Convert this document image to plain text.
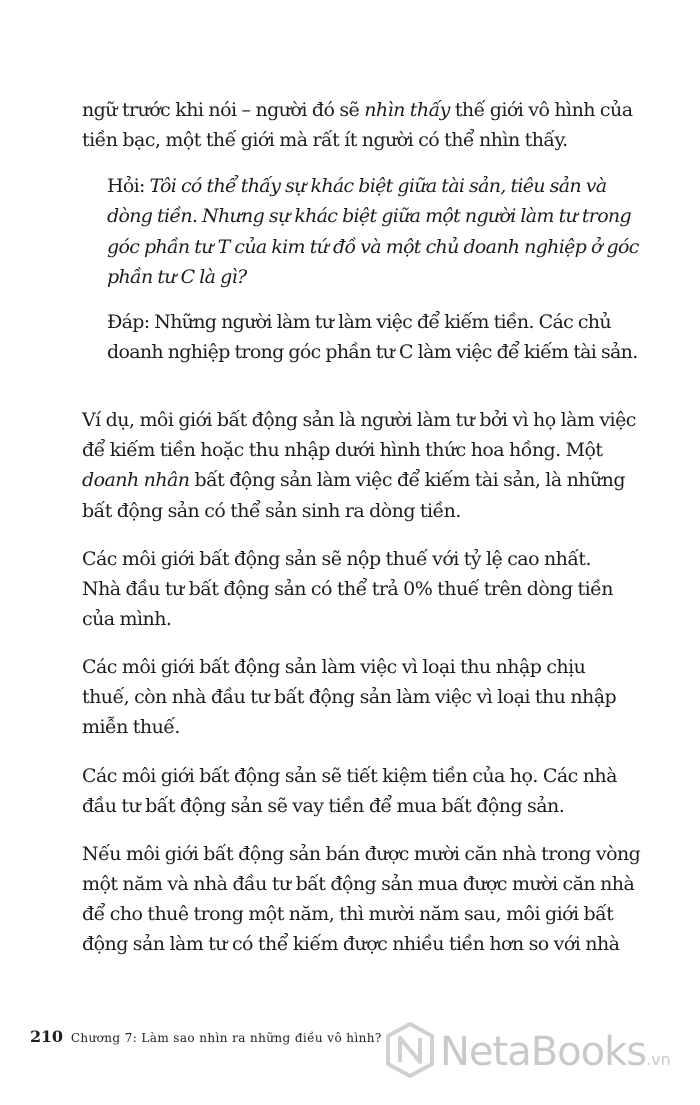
ngữ trước khi nói – người đó sẽ nhìn thấy thế giới vô hình của
tiền bạc, một thế giới mà rất ít người có thể nhìn thấy.
Hỏi: Tôi có thể thấy sự khác biệt giữa tài sản, tiêu sản và
dòng tiền. Nhưng sự khác biệt giữa một người làm tư trong
góc phần tư T của kim tứ đồ và một chủ doanh nghiệp ở góc
phần tư C là gì?
Đáp: Những người làm tư làm việc để kiếm tiền. Các chủ
doanh nghiệp trong góc phần tư C làm việc để kiếm tài sản.
Ví dụ, môi giới bất động sản là người làm tư bởi vì họ làm việc
để kiếm tiền hoặc thu nhập dưới hình thức hoa hồng. Một
doanh nhân bất động sản làm việc để kiếm tài sản, là những
bất động sản có thể sản sinh ra dòng tiền.
Các môi giới bất động sản sẽ nộp thuế với tỷ lệ cao nhất.
Nhà đầu tư bất động sản có thể trả 0% thuế trên dòng tiền
của mình.
Các môi giới bất động sản làm việc vì loại thu nhập chịu
thuế, còn nhà đầu tư bất động sản làm việc vì loại thu nhập
miễn thuế.
Các môi giới bất động sản sẽ tiết kiệm tiền của họ. Các nhà
đầu tư bất động sản sẽ vay tiền để mua bất động sản.
Nếu môi giới bất động sản bán được mười căn nhà trong vòng
một năm và nhà đầu tư bất động sản mua được mười căn nhà
để cho thuê trong một năm, thì mười năm sau, môi giới bất
động sản làm tư có thể kiếm được nhiều tiền hơn so với nhà
210 Chương 7: Làm sao nhìn ra những điều vô hình? NetaBooks.vn
